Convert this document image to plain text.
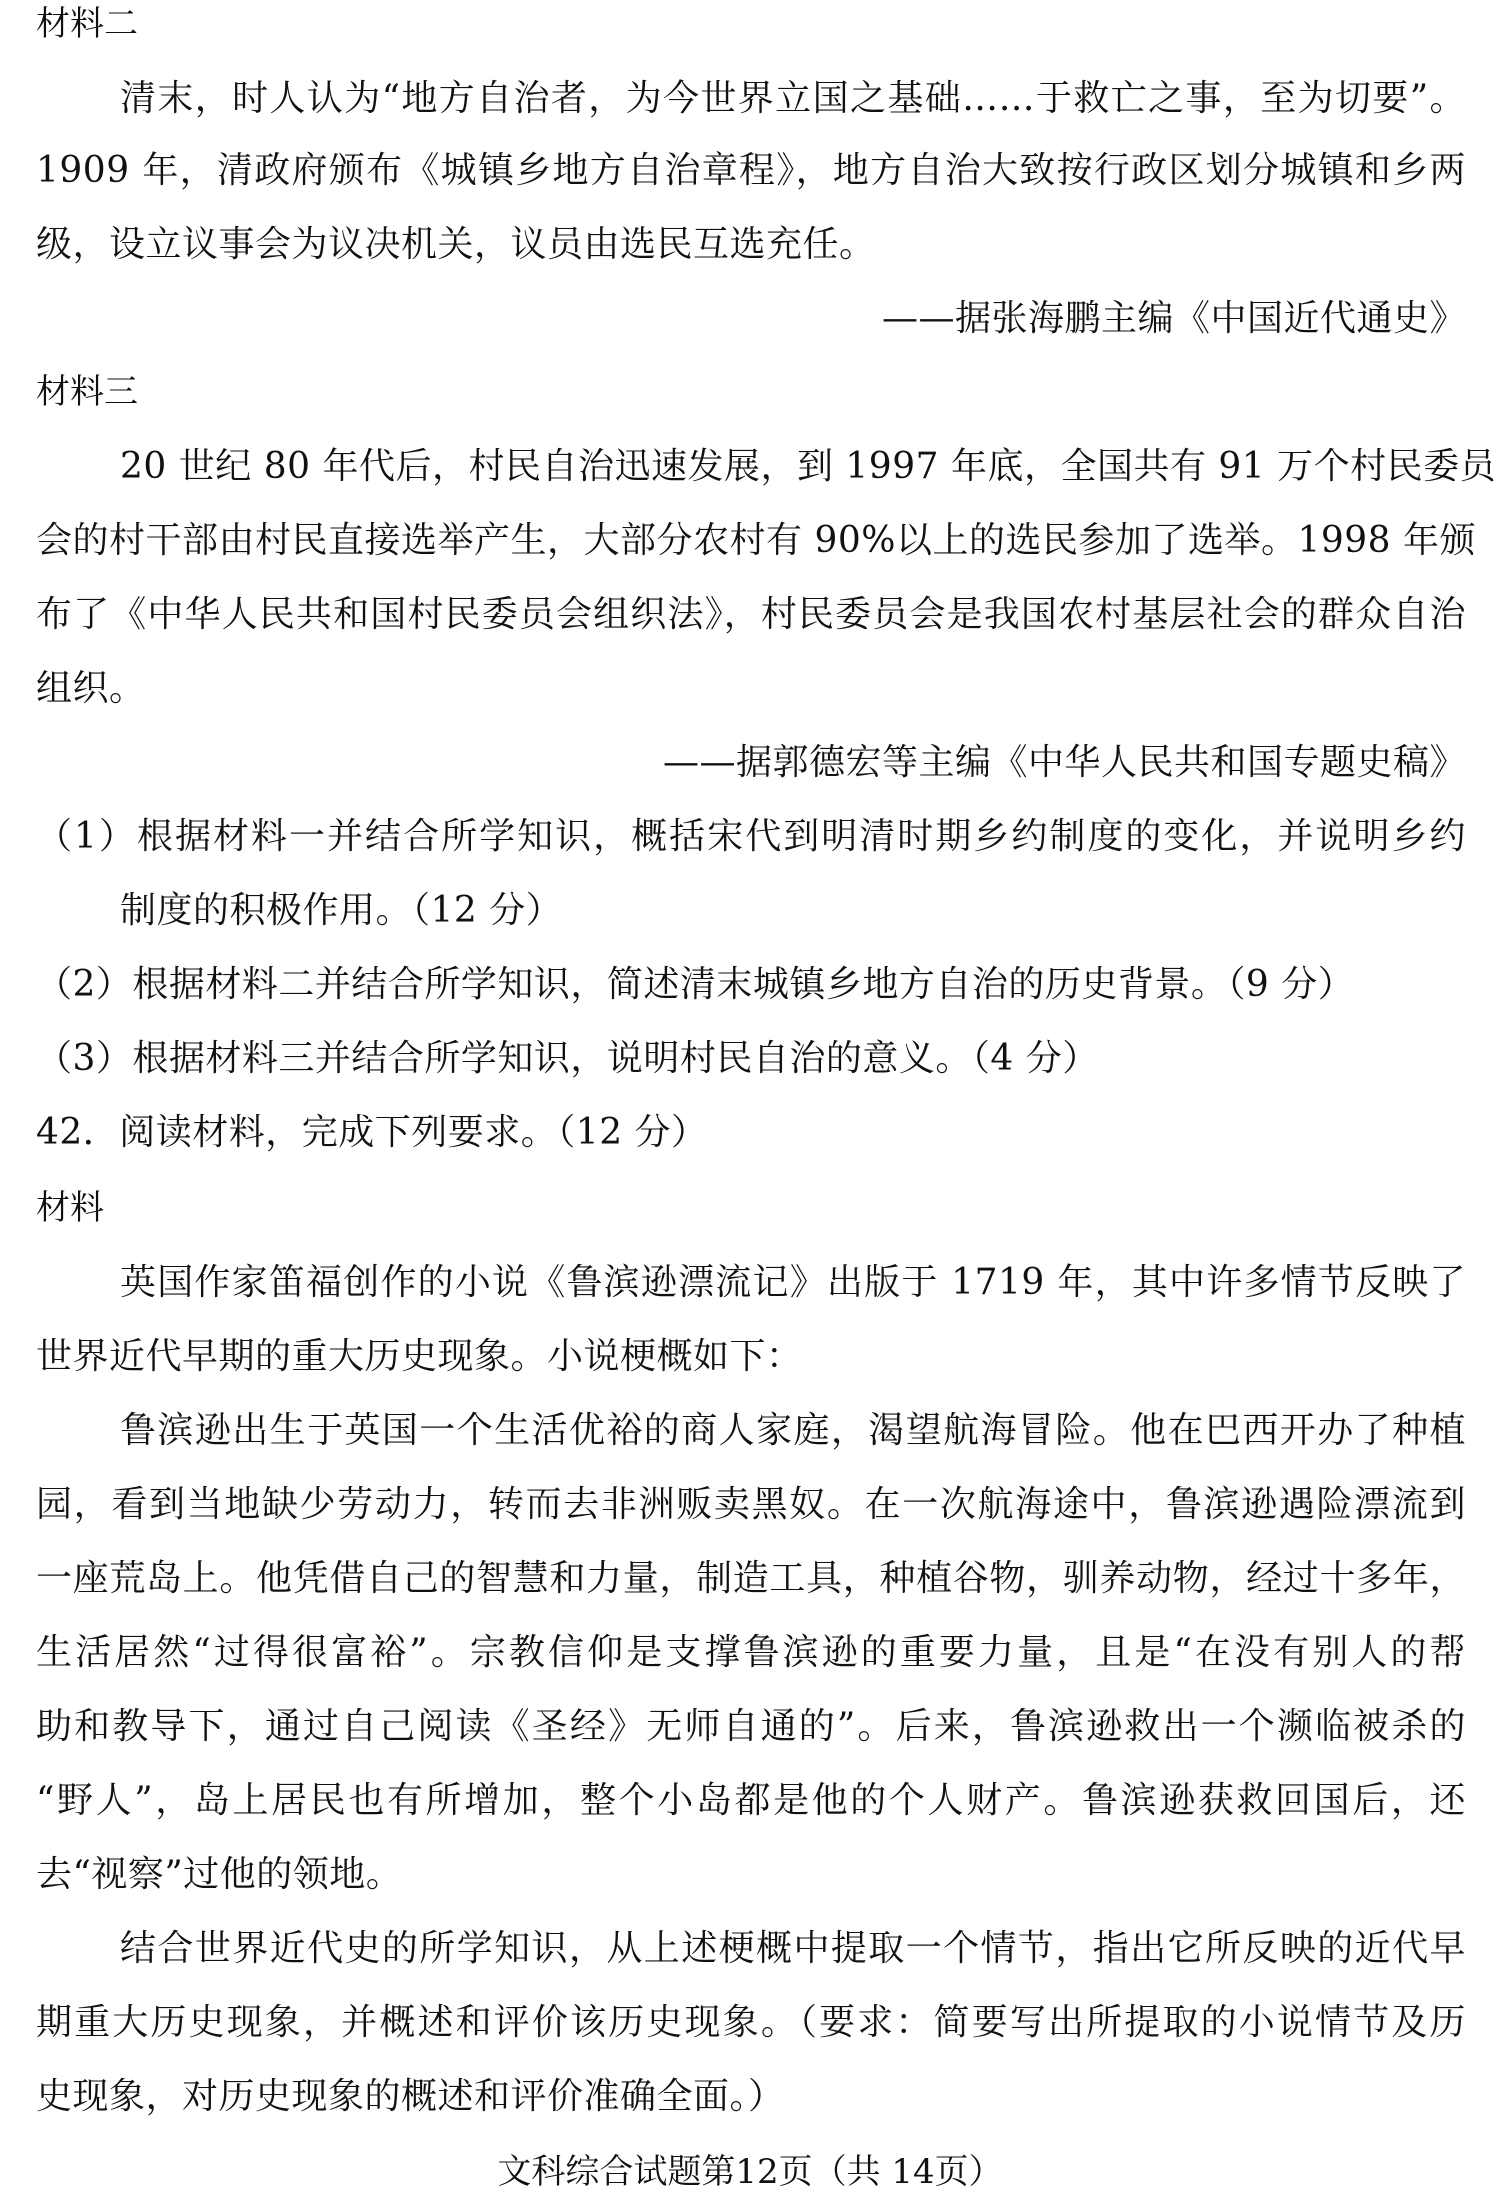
材料二
清末，时人认为“地方自治者，为今世界立国之基础……于救亡之事，至为切要”。
1909 年，清政府颁布《城镇乡地方自治章程》，地方自治大致按行政区划分城镇和乡两
级，设立议事会为议决机关，议员由选民互选充任。
——据张海鹏主编《中国近代通史》
材料三
20 世纪 80 年代后，村民自治迅速发展，到 1997 年底，全国共有 91 万个村民委员
会的村干部由村民直接选举产生，大部分农村有 90%以上的选民参加了选举。1998 年颁
布了《中华人民共和国村民委员会组织法》，村民委员会是我国农村基层社会的群众自治
组织。
——据郭德宏等主编《中华人民共和国专题史稿》
（1）根据材料一并结合所学知识，概括宋代到明清时期乡约制度的变化，并说明乡约
制度的积极作用。（12 分）
（2）根据材料二并结合所学知识，简述清末城镇乡地方自治的历史背景。（9 分）
（3）根据材料三并结合所学知识，说明村民自治的意义。（4 分）
42．阅读材料，完成下列要求。（12 分）
材料
英国作家笛福创作的小说《鲁滨逊漂流记》出版于 1719 年，其中许多情节反映了
世界近代早期的重大历史现象。小说梗概如下：
鲁滨逊出生于英国一个生活优裕的商人家庭，渴望航海冒险。他在巴西开办了种植
园，看到当地缺少劳动力，转而去非洲贩卖黑奴。在一次航海途中，鲁滨逊遇险漂流到
一座荒岛上。他凭借自己的智慧和力量，制造工具，种植谷物，驯养动物，经过十多年，
生活居然“过得很富裕”。宗教信仰是支撑鲁滨逊的重要力量，且是“在没有别人的帮
助和教导下，通过自己阅读《圣经》无师自通的”。后来，鲁滨逊救出一个濒临被杀的
“野人”，岛上居民也有所增加，整个小岛都是他的个人财产。鲁滨逊获救回国后，还
去“视察”过他的领地。
结合世界近代史的所学知识，从上述梗概中提取一个情节，指出它所反映的近代早
期重大历史现象，并概述和评价该历史现象。（要求：简要写出所提取的小说情节及历
史现象，对历史现象的概述和评价准确全面。）
文科综合试题第12页（共 14页）
